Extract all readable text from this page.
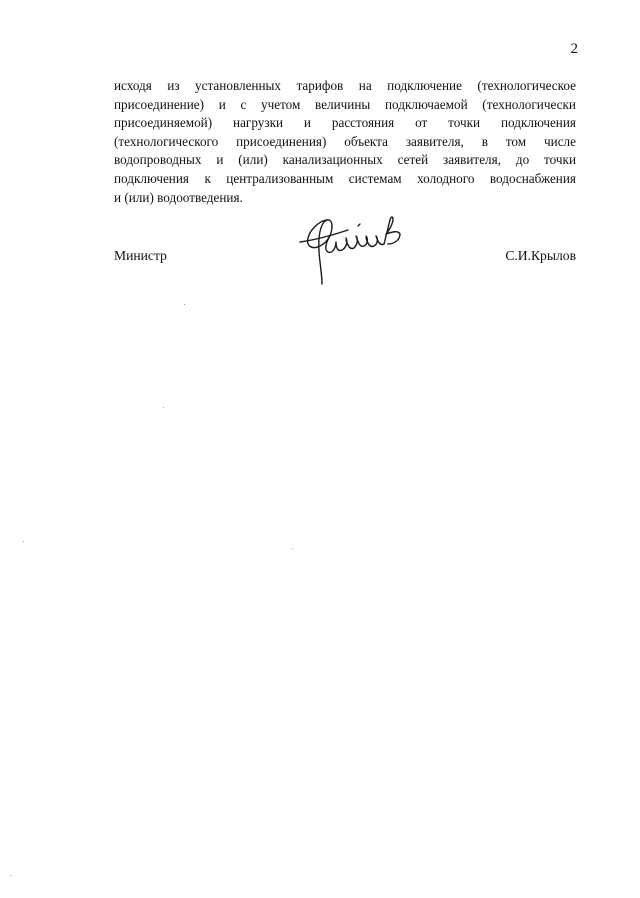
2
исходя из установленных тарифов на подключение (технологическое
присоединение) и с учетом величины подключаемой (технологически
присоединяемой) нагрузки и расстояния от точки подключения
(технологического присоединения) объекта заявителя, в том числе
водопроводных и (или) канализационных сетей заявителя, до точки
подключения к централизованным системам холодного водоснабжения
и (или) водоотведения.
Министр	С.И.Крылов
